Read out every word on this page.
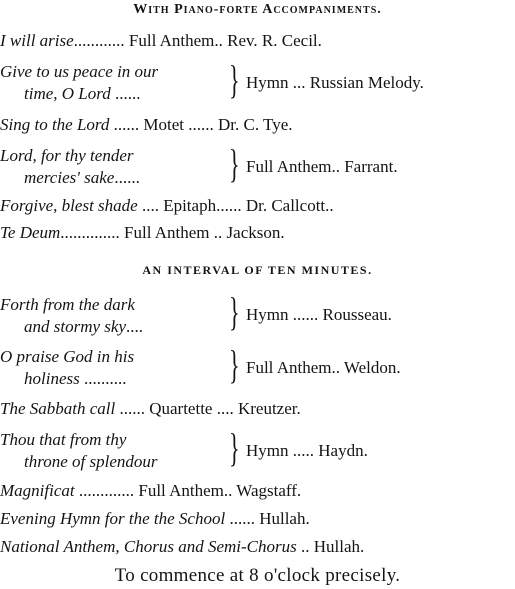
With Piano-forte Accompaniments.
I will arise............ Full Anthem.. Rev. R. Cecil.
Give to us peace in our
time, O Lord ...... } Hymn ... Russian Melody.
Sing to the Lord ...... Motet ...... Dr. C. Tye.
Lord, for thy tender
mercies' sake...... } Full Anthem.. Farrant.
Forgive, blest shade .... Epitaph...... Dr. Callcott..
Te Deum.............. Full Anthem .. Jackson.
AN INTERVAL OF TEN MINUTES.
Forth from the dark
and stormy sky.... } Hymn ...... Rousseau.
O praise God in his
holiness ..........	} Full Anthem.. Weldon.
The Sabbath call ...... Quartette .... Kreutzer.
Thou that from thy
throne of splendour } Hymn ..... Haydn.
Magnificat ............. Full Anthem.. Wagstaff.
Evening Hymn for the the School ...... Hullah.
National Anthem, Chorus and Semi-Chorus .. Hullah.
To commence at 8 o'clock precisely.
